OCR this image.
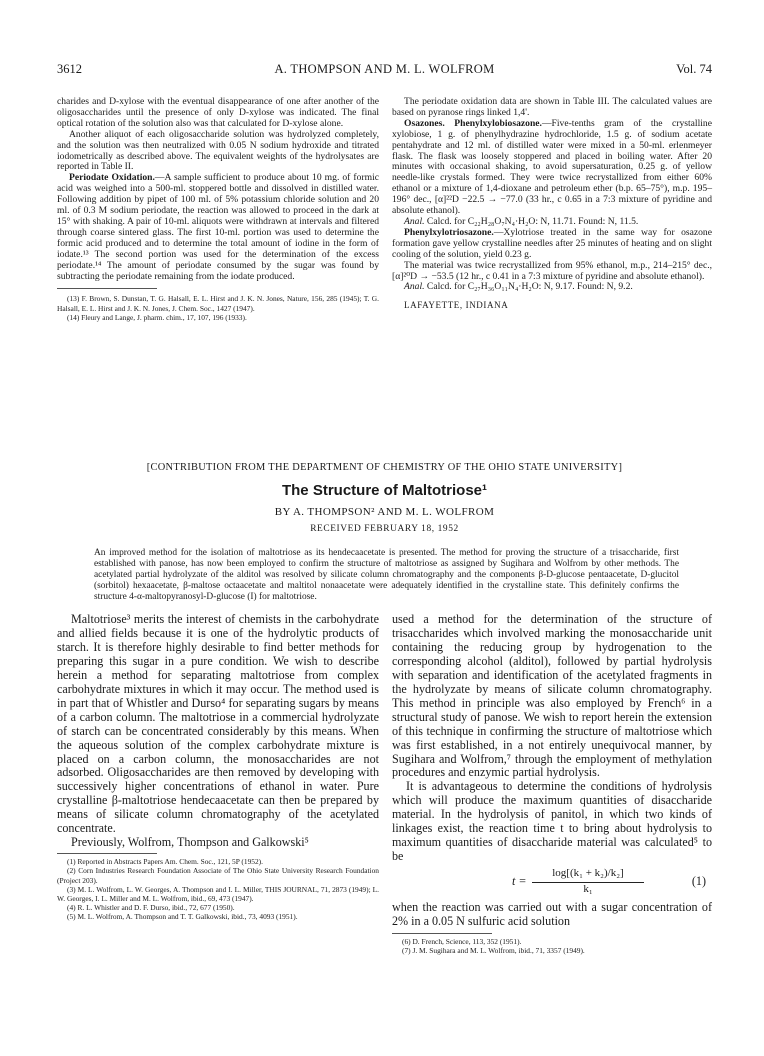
3612	A. THOMPSON AND M. L. WOLFROM	Vol. 74

charides and D-xylose with the eventual disappearance of one after another of the oligosaccharides until the presence of only D-xylose was indicated. The final optical rotation of the solution also was that calculated for D-xylose alone.

Another aliquot of each oligosaccharide solution was hydrolyzed completely, and the solution was then neutralized with 0.05 N sodium hydroxide and titrated iodometrically as described above. The equivalent weights of the hydrolysates are reported in Table II.

Periodate Oxidation.—A sample sufficient to produce about 10 mg. of formic acid was weighed into a 500-ml. stoppered bottle and dissolved in distilled water. Following addition by pipet of 100 ml. of 5% potassium chloride solution and 20 ml. of 0.3 M sodium periodate, the reaction was allowed to proceed in the dark at 15° with shaking. A pair of 10-ml. aliquots were withdrawn at intervals and filtered through coarse sintered glass. The first 10-ml. portion was used to determine the formic acid produced and to determine the total amount of iodine in the form of iodate.¹³ The second portion was used for the determination of the excess periodate.¹⁴ The amount of periodate consumed by the sugar was found by subtracting the periodate remaining from the iodate produced.

(13) F. Brown, S. Dunstan, T. G. Halsall, E. L. Hirst and J. K. N. Jones, Nature, 156, 285 (1945); T. G. Halsall, E. L. Hirst and J. K. N. Jones, J. Chem. Soc., 1427 (1947).

(14) Fleury and Lange, J. pharm. chim., 17, 107, 196 (1933).

The periodate oxidation data are shown in Table III. The calculated values are based on pyranose rings linked 1,4'.

Osazones. Phenylxylobiosazone.—Five-tenths gram of the crystalline xylobiose, 1 g. of phenylhydrazine hydrochloride, 1.5 g. of sodium acetate pentahydrate and 12 ml. of distilled water were mixed in a 50-ml. erlenmeyer flask. The flask was loosely stoppered and placed in boiling water. After 20 minutes with occasional shaking, to avoid supersaturation, 0.25 g. of yellow needle-like crystals formed. They were twice recrystallized from either 60% ethanol or a mixture of 1,4-dioxane and petroleum ether (b.p. 65–75°), m.p. 195–196° dec., [α]²²D −22.5 → −77.0 (33 hr., c 0.65 in a 7:3 mixture of pyridine and absolute ethanol).

Anal. Calcd. for C₂₂H₂₈O₇N₄·H₂O: N, 11.71. Found: N, 11.5.

Phenylxylotriosazone.—Xylotriose treated in the same way for osazone formation gave yellow crystalline needles after 25 minutes of heating and on slight cooling of the solution, yield 0.23 g.

The material was twice recrystallized from 95% ethanol, m.p., 214–215° dec., [α]²⁰D → −53.5 (12 hr., c 0.41 in a 7:3 mixture of pyridine and absolute ethanol).

Anal. Calcd. for C₂₇H₃₆O₁₁N₄·H₂O: N, 9.17. Found: N, 9.2.

LAFAYETTE, INDIANA

[CONTRIBUTION FROM THE DEPARTMENT OF CHEMISTRY OF THE OHIO STATE UNIVERSITY]
The Structure of Maltotriose¹
BY A. THOMPSON² AND M. L. WOLFROM
RECEIVED FEBRUARY 18, 1952
An improved method for the isolation of maltotriose as its hendecaacetate is presented. The method for proving the structure of a trisaccharide, first established with panose, has now been employed to confirm the structure of maltotriose as assigned by Sugihara and Wolfrom by other methods. The acetylated partial hydrolyzate of the alditol was resolved by silicate column chromatography and the components β-D-glucose pentaacetate, D-glucitol (sorbitol) hexaacetate, β-maltose octaacetate and maltitol nonaacetate were adequately identified in the crystalline state. This definitely confirms the structure 4-α-maltopyranosyl-D-glucose (I) for maltotriose.

Maltotriose³ merits the interest of chemists in the carbohydrate and allied fields because it is one of the hydrolytic products of starch. It is therefore highly desirable to find better methods for preparing this sugar in a pure condition. We wish to describe herein a method for separating maltotriose from complex carbohydrate mixtures in which it may occur. The method used is in part that of Whistler and Durso⁴ for separating sugars by means of a carbon column. The maltotriose in a commercial hydrolyzate of starch can be concentrated considerably by this means. When the aqueous solution of the complex carbohydrate mixture is placed on a carbon column, the monosaccharides are not adsorbed. Oligosaccharides are then removed by developing with successively higher concentrations of ethanol in water. Pure crystalline β-maltotriose hendecaacetate can then be prepared by means of silicate column chromatography of the acetylated concentrate.

Previously, Wolfrom, Thompson and Galkowski⁵

(1) Reported in Abstracts Papers Am. Chem. Soc., 121, 5P (1952).

(2) Corn Industries Research Foundation Associate of The Ohio State University Research Foundation (Project 203).

(3) M. L. Wolfrom, L. W. Georges, A. Thompson and I. L. Miller, THIS JOURNAL, 71, 2873 (1949); L. W. Georges, I. L. Miller and M. L. Wolfrom, ibid., 69, 473 (1947).

(4) R. L. Whistler and D. F. Durso, ibid., 72, 677 (1950).

(5) M. L. Wolfrom, A. Thompson and T. T. Galkowski, ibid., 73, 4093 (1951).

used a method for the determination of the structure of trisaccharides which involved marking the monosaccharide unit containing the reducing group by hydrogenation to the corresponding alcohol (alditol), followed by partial hydrolysis with separation and identification of the acetylated fragments in the hydrolyzate by means of silicate column chromatography. This method in principle was also employed by French⁶ in a structural study of panose. We wish to report herein the extension of this technique in confirming the structure of maltotriose which was first established, in a not entirely unequivocal manner, by Sugihara and Wolfrom,⁷ through the employment of methylation procedures and enzymic partial hydrolysis.

It is advantageous to determine the conditions of hydrolysis which will produce the maximum quantities of disaccharide material. In the hydrolysis of panitol, in which two kinds of linkages exist, the reaction time t to bring about hydrolysis to maximum quantities of disaccharide material was calculated⁵ to be

$t = \frac{\text{log[(k₁ + k₂)/k₂]}}{\text{k₁}}$	(1)

when the reaction was carried out with a sugar concentration of 2% in a 0.05 N sulfuric acid solution

(6) D. French, Science, 113, 352 (1951).

(7) J. M. Sugihara and M. L. Wolfrom, ibid., 71, 3357 (1949).
